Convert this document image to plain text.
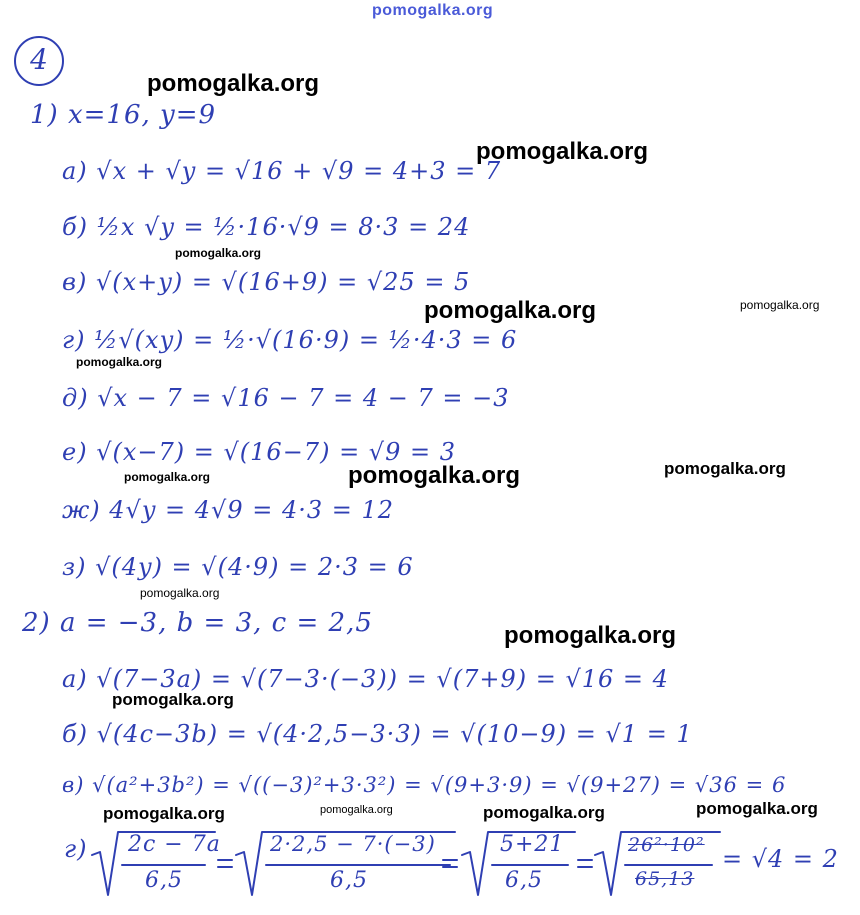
pomogalka.org
4
1) x=16, y=9
а) √x + √y = √16 + √9 = 4+3 = 7
б) ½x √y = ½·16·√9 = 8·3 = 24
в) √(x+y) = √(16+9) = √25 = 5
г) ½√(xy) = ½·√(16·9) = ½·4·3 = 6
д) √x − 7 = √16 − 7 = 4 − 7 = −3
е) √(x−7) = √(16−7) = √9 = 3
ж) 4√y = 4√9 = 4·3 = 12
з) √(4y) = √(4·9) = 2·3 = 6
2) a = −3, b = 3, c = 2,5
а) √(7−3a) = √(7−3·(−3)) = √(7+9) = √16 = 4
б) √(4c−3b) = √(4·2,5−3·3) = √(10−9) = √1 = 1
в) √(a²+3b²) = √((−3)²+3·3²) = √(9+3·9) = √(9+27) = √36 = 6
г) 2c − 7a
6,5
2·2,5 − 7·(−3)
6,5
5+21
6,5
26²·10²
65,13
= √4 = 2
pomogalka.org
pomogalka.org
pomogalka.org
pomogalka.org	pomogalka.org
pomogalka.org
pomogalka.org	pomogalka.org
pomogalka.org
pomogalka.org
pomogalka.org
pomogalka.org
pomogalka.org	pomogalka.org	pomogalka.org	pomogalka.org
